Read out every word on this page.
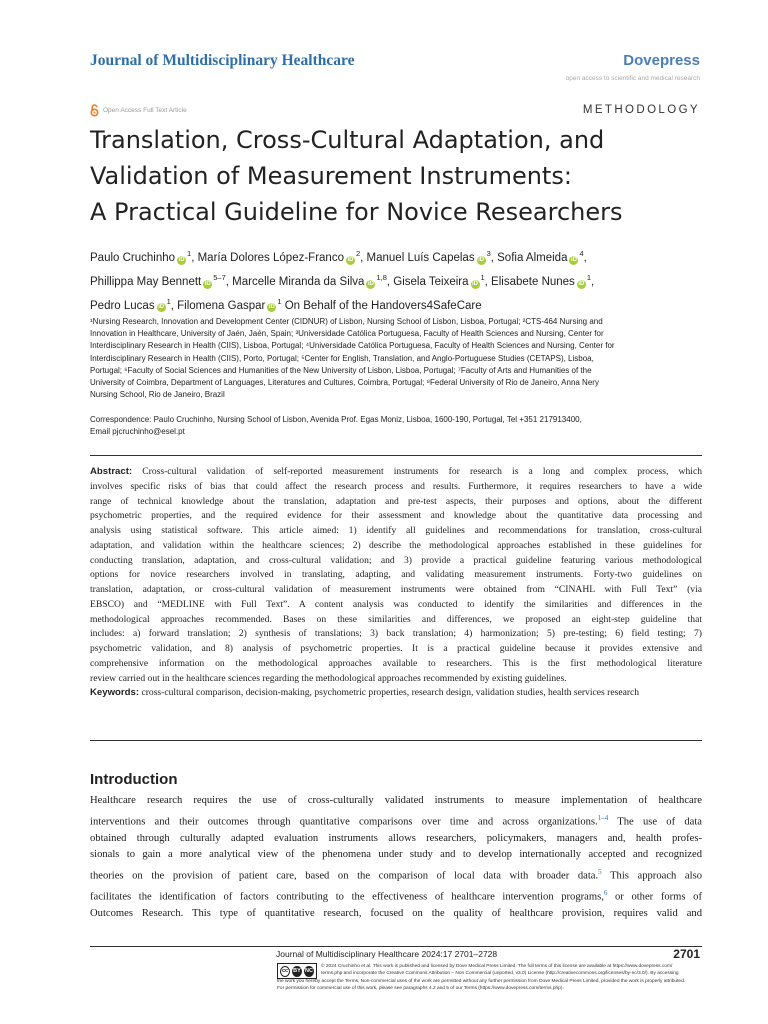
Journal of Multidisciplinary Healthcare	Dovepress
open access to scientific and medical research
Open Access Full Text Article	METHODOLOGY
Translation, Cross-Cultural Adaptation, and
Validation of Measurement Instruments:
A Practical Guideline for Novice Researchers
Paulo Cruchinho $iD^1$, María Dolores López-Franco $iD^2$, Manuel Luís Capelas $iD^3$, Sofia Almeida $iD^4$,
Phillippa May Bennett $iD^{5-7}$, Marcelle Miranda da Silva iD$^{1,8}$, Gisela Teixeira $iD^1$, Elisabete Nunes $iD^1$,
Pedro Lucas $iD^1$, Filomena Gaspar $iD^1$ On Behalf of the Handovers4SafeCare
¹Nursing Research, Innovation and Development Center (CIDNUR) of Lisbon, Nursing School of Lisbon, Lisboa, Portugal; ²CTS-464 Nursing and
Innovation in Healthcare, University of Jaén, Jaén, Spain; ³Universidade Católica Portuguesa, Faculty of Health Sciences and Nursing, Center for
Interdisciplinary Research in Health (CIIS), Lisboa, Portugal; ⁴Universidade Católica Portuguesa, Faculty of Health Sciences and Nursing, Center for
Interdisciplinary Research in Health (CIIS), Porto, Portugal; ⁵Center for English, Translation, and Anglo-Portuguese Studies (CETAPS), Lisboa,
Portugal; ⁶Faculty of Social Sciences and Humanities of the New University of Lisbon, Lisboa, Portugal; ⁷Faculty of Arts and Humanities of the
University of Coimbra, Department of Languages, Literatures and Cultures, Coimbra, Portugal; ⁸Federal University of Rio de Janeiro, Anna Nery
Nursing School, Rio de Janeiro, Brazil
Correspondence: Paulo Cruchinho, Nursing School of Lisbon, Avenida Prof. Egas Moniz, Lisboa, 1600-190, Portugal, Tel +351 217913400,
Email pjcruchinho@esel.pt
Abstract: Cross-cultural validation of self-reported measurement instruments for research is a long and complex process, which
involves specific risks of bias that could affect the research process and results. Furthermore, it requires researchers to have a wide
range of technical knowledge about the translation, adaptation and pre-test aspects, their purposes and options, about the different
psychometric properties, and the required evidence for their assessment and knowledge about the quantitative data processing and
analysis using statistical software. This article aimed: 1) identify all guidelines and recommendations for translation, cross-cultural
adaptation, and validation within the healthcare sciences; 2) describe the methodological approaches established in these guidelines for
conducting translation, adaptation, and cross-cultural validation; and 3) provide a practical guideline featuring various methodological
options for novice researchers involved in translating, adapting, and validating measurement instruments. Forty-two guidelines on
translation, adaptation, or cross-cultural validation of measurement instruments were obtained from “CINAHL with Full Text” (via
EBSCO) and “MEDLINE with Full Text”. A content analysis was conducted to identify the similarities and differences in the
methodological approaches recommended. Bases on these similarities and differences, we proposed an eight-step guideline that
includes: a) forward translation; 2) synthesis of translations; 3) back translation; 4) harmonization; 5) pre-testing; 6) field testing; 7)
psychometric validation, and 8) analysis of psychometric properties. It is a practical guideline because it provides extensive and
comprehensive information on the methodological approaches available to researchers. This is the first methodological literature
review carried out in the healthcare sciences regarding the methodological approaches recommended by existing guidelines.
Keywords: cross-cultural comparison, decision-making, psychometric properties, research design, validation studies, health services research
Introduction
Healthcare research requires the use of cross-culturally validated instruments to measure implementation of healthcare
interventions and their outcomes through quantitative comparisons over time and across organizations.$^{1-4}$ The use of data
obtained through culturally adapted evaluation instruments allows researchers, policymakers, managers and, health profes-
sionals to gain a more analytical view of the phenomena under study and to develop internationally accepted and recognized
theories on the provision of patient care, based on the comparison of local data with broader data.$^5$ This approach also
facilitates the identification of factors contributing to the effectiveness of healthcare intervention programs,$^6$ or other forms of
Outcomes Research. This type of quantitative research, focused on the quality of healthcare provision, requires valid and
Journal of Multidisciplinary Healthcare 2024:17 2701–2728	2701
© 2024 Cruchinho et al. This work is published and licensed by Dove Medical Press Limited. The full terms of this license are available at https://www.dovepress.com/
terms.php and incorporate the Creative Commons Attribution – Non Commercial (unported, v3.0) License (http://creativecommons.org/licenses/by-nc/3.0/). By accessing
the work you hereby accept the Terms. Non-commercial uses of the work are permitted without any further permission from Dove Medical Press Limited, provided the work is properly attributed.
For permission for commercial use of this work, please see paragraphs 4.2 and 5 of our Terms (https://www.dovepress.com/terms.php).
cc BY NC
